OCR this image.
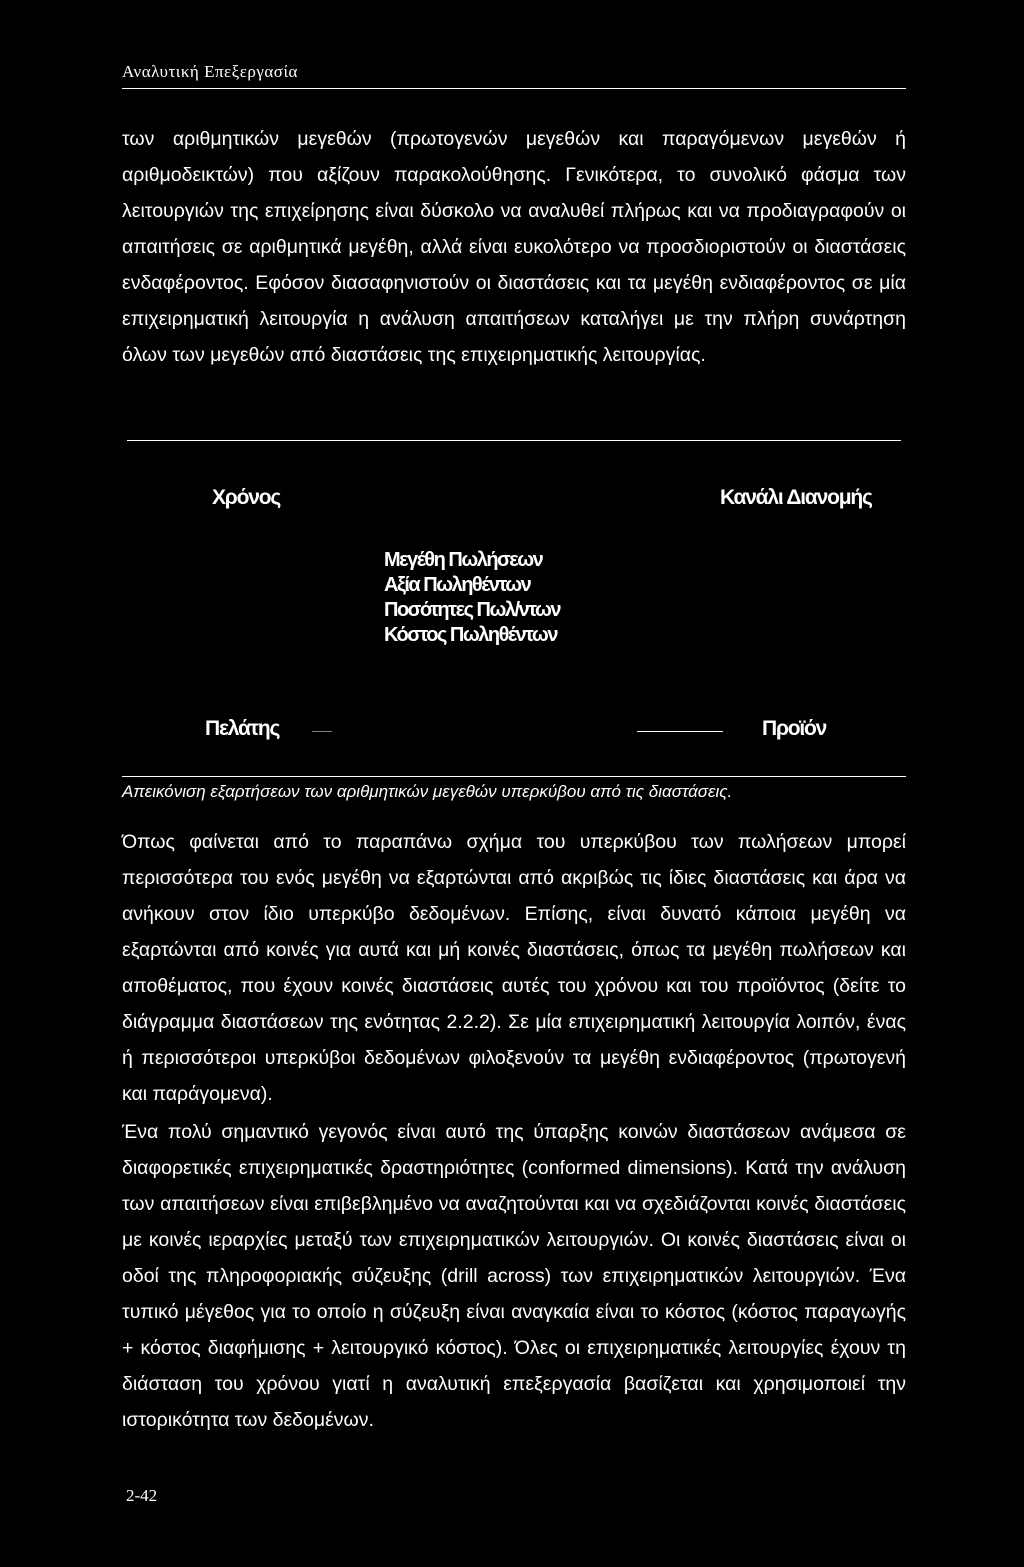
Αναλυτική Επεξεργασία

των αριθμητικών μεγεθών (πρωτογενών μεγεθών και παραγόμενων μεγεθών ή αριθμοδεικτών) που αξίζουν παρακολούθησης. Γενικότερα, το συνολικό φάσμα των λειτουργιών της επιχείρησης είναι δύσκολο να αναλυθεί πλήρως και να προδιαγραφούν οι απαιτήσεις σε αριθμητικά μεγέθη, αλλά είναι ευκολότερο να προσδιοριστούν οι διαστάσεις ενδαφέροντος. Εφόσον διασαφηνιστούν οι διαστάσεις και τα μεγέθη ενδιαφέροντος σε μία επιχειρηματική λειτουργία η ανάλυση απαιτήσεων καταλήγει με την πλήρη συνάρτηση όλων των μεγεθών από διαστάσεις της επιχειρηματικής λειτουργίας.

Χρόνος	Κανάλι Διανομής
Μεγέθη Πωλήσεων
Αξία Πωληθέντων
Ποσότητες Πωλ/ντων
Κόστος Πωληθέντων
Πελάτης	Προϊόν
Απεικόνιση εξαρτήσεων των αριθμητικών μεγεθών υπερκύβου από τις διαστάσεις.

Όπως φαίνεται από το παραπάνω σχήμα του υπερκύβου των πωλήσεων μπορεί περισσότερα του ενός μεγέθη να εξαρτώνται από ακριβώς τις ίδιες διαστάσεις και άρα να ανήκουν στον ίδιο υπερκύβο δεδομένων. Επίσης, είναι δυνατό κάποια μεγέθη να εξαρτώνται από κοινές για αυτά και μή κοινές διαστάσεις, όπως τα μεγέθη πωλήσεων και αποθέματος, που έχουν κοινές διαστάσεις αυτές του χρόνου και του προϊόντος (δείτε το διάγραμμα διαστάσεων της ενότητας 2.2.2). Σε μία επιχειρηματική λειτουργία λοιπόν, ένας ή περισσότεροι υπερκύβοι δεδομένων φιλοξενούν τα μεγέθη ενδιαφέροντος (πρωτογενή και παράγομενα).

Ένα πολύ σημαντικό γεγονός είναι αυτό της ύπαρξης κοινών διαστάσεων ανάμεσα σε διαφορετικές επιχειρηματικές δραστηριότητες (conformed dimensions). Κατά την ανάλυση των απαιτήσεων είναι επιβεβλημένο να αναζητούνται και να σχεδιάζονται κοινές διαστάσεις με κοινές ιεραρχίες μεταξύ των επιχειρηματικών λειτουργιών. Οι κοινές διαστάσεις είναι οι οδοί της πληροφοριακής σύζευξης (drill across) των επιχειρηματικών λειτουργιών. Ένα τυπικό μέγεθος για το οποίο η σύζευξη είναι αναγκαία είναι το κόστος (κόστος παραγωγής + κόστος διαφήμισης + λειτουργικό κόστος). Όλες οι επιχειρηματικές λειτουργίες έχουν τη διάσταση του χρόνου γιατί η αναλυτική επεξεργασία βασίζεται και χρησιμοποιεί την ιστορικότητα των δεδομένων.

2-42
